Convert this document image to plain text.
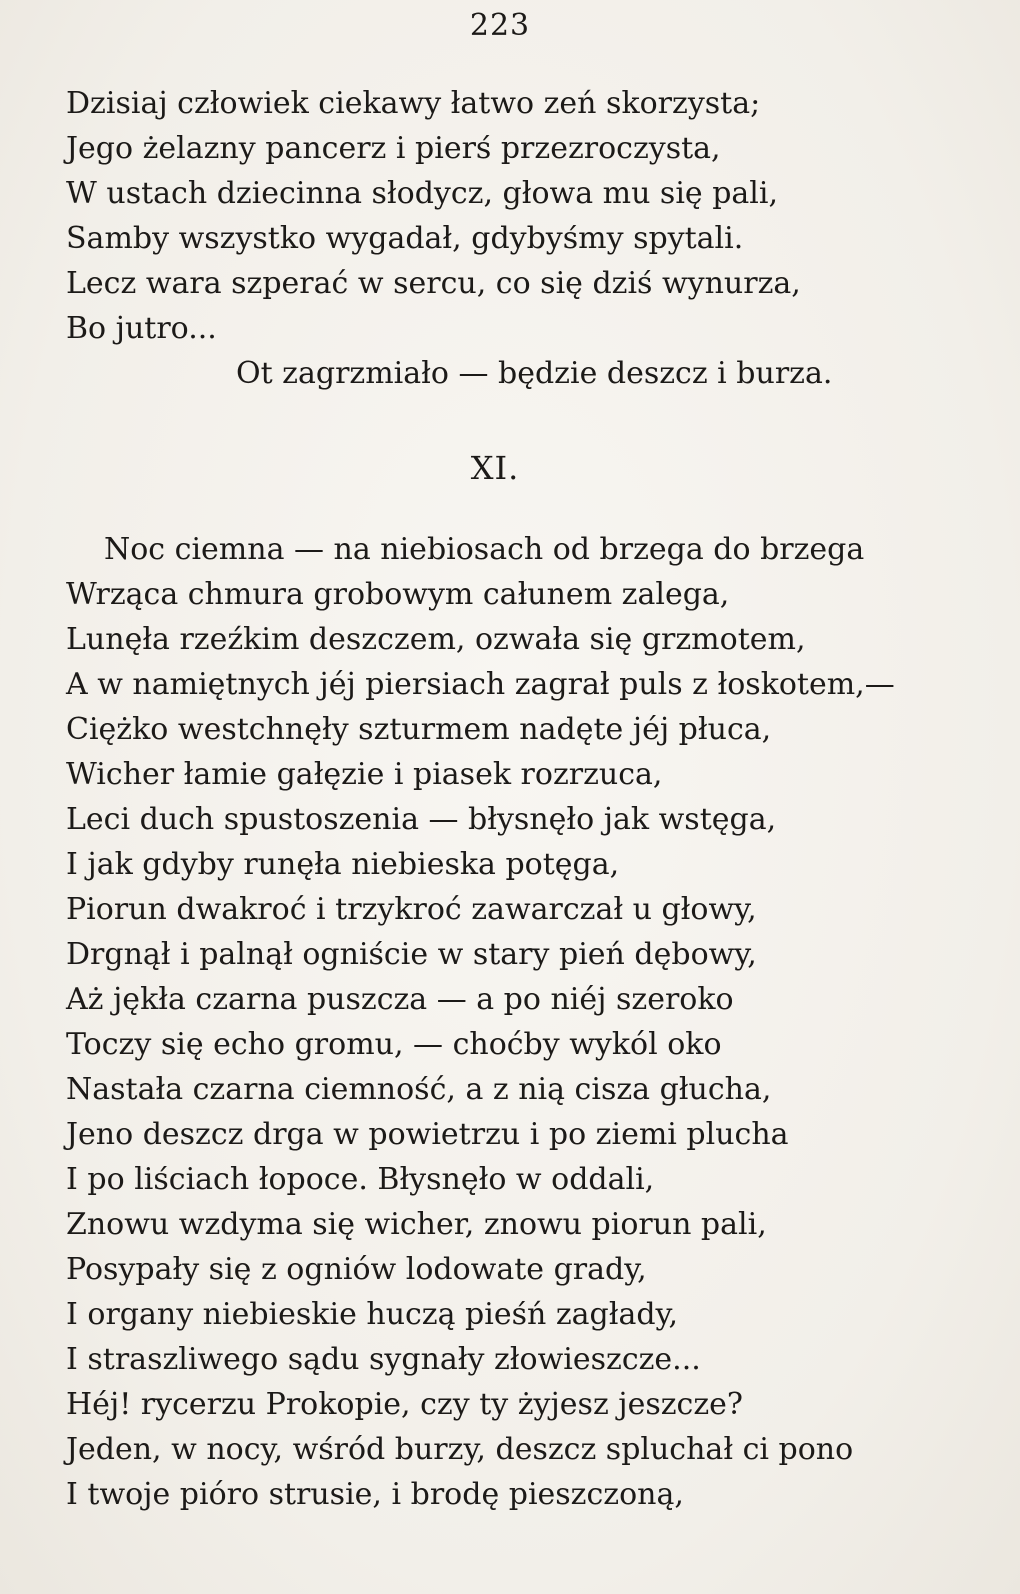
223
Dzisiaj człowiek ciekawy łatwo zeń skorzysta;
Jego żelazny pancerz i pierś przezroczysta,
W ustach dziecinna słodycz, głowa mu się pali,
Samby wszystko wygadał, gdybyśmy spytali.
Lecz wara szperać w sercu, co się dziś wynurza,
Bo jutro...
Ot zagrzmiało — będzie deszcz i burza.
XI.
Noc ciemna — na niebiosach od brzega do brzega
Wrząca chmura grobowym całunem zalega,
Lunęła rzeźkim deszczem, ozwała się grzmotem,
A w namiętnych jéj piersiach zagrał puls z łoskotem,—
Ciężko westchnęły szturmem nadęte jéj płuca,
Wicher łamie gałęzie i piasek rozrzuca,
Leci duch spustoszenia — błysnęło jak wstęga,
I jak gdyby runęła niebieska potęga,
Piorun dwakroć i trzykroć zawarczał u głowy,
Drgnął i palnął ogniście w stary pień dębowy,
Aż jękła czarna puszcza — a po niéj szeroko
Toczy się echo gromu, — choćby wykól oko
Nastała czarna ciemność, a z nią cisza głucha,
Jeno deszcz drga w powietrzu i po ziemi plucha
I po liściach łopoce. Błysnęło w oddali,
Znowu wzdyma się wicher, znowu piorun pali,
Posypały się z ogniów lodowate grady,
I organy niebieskie huczą pieśń zagłady,
I straszliwego sądu sygnały złowieszcze...
Héj! rycerzu Prokopie, czy ty żyjesz jeszcze?
Jeden, w nocy, wśród burzy, deszcz spluchał ci pono
I twoje pióro strusie, i brodę pieszczoną,
